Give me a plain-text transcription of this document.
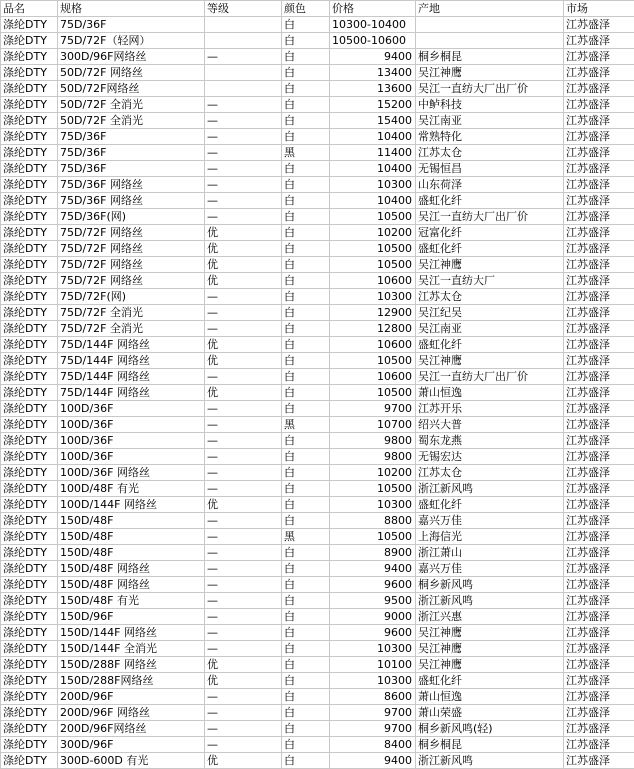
品名	规格	等级	颜色	价格	产地	市场
涤纶DTY	75D/36F		白	10300-10400		江苏盛泽
涤纶DTY	75D/72F（轻网）		白	10500-10600		江苏盛泽
涤纶DTY	300D/96F网络丝	—	白	9400	桐乡桐昆	江苏盛泽
涤纶DTY	50D/72F 网络丝		白	13400	吴江神鹰	江苏盛泽
涤纶DTY	50D/72F网络丝		白	13600	吴江一直纺大厂出厂价	江苏盛泽
涤纶DTY	50D/72F 全消光	—	白	15200	中鲈科技	江苏盛泽
涤纶DTY	50D/72F 全消光	—	白	15400	吴江南亚	江苏盛泽
涤纶DTY	75D/36F	—	白	10400	常熟特化	江苏盛泽
涤纶DTY	75D/36F	—	黑	11400	江苏太仓	江苏盛泽
涤纶DTY	75D/36F	—	白	10400	无锡恒昌	江苏盛泽
涤纶DTY	75D/36F 网络丝	—	白	10300	山东荷泽	江苏盛泽
涤纶DTY	75D/36F 网络丝	—	白	10400	盛虹化纤	江苏盛泽
涤纶DTY	75D/36F(网)	—	白	10500	吴江一直纺大厂出厂价	江苏盛泽
涤纶DTY	75D/72F 网络丝	优	白	10200	冠富化纤	江苏盛泽
涤纶DTY	75D/72F 网络丝	优	白	10500	盛虹化纤	江苏盛泽
涤纶DTY	75D/72F 网络丝	优	白	10500	吴江神鹰	江苏盛泽
涤纶DTY	75D/72F 网络丝	优	白	10600	吴江一直纺大厂	江苏盛泽
涤纶DTY	75D/72F(网)	—	白	10300	江苏太仓	江苏盛泽
涤纶DTY	75D/72F 全消光	—	白	12900	吴江纪吴	江苏盛泽
涤纶DTY	75D/72F 全消光	—	白	12800	吴江南亚	江苏盛泽
涤纶DTY	75D/144F 网络丝	优	白	10600	盛虹化纤	江苏盛泽
涤纶DTY	75D/144F 网络丝	优	白	10500	吴江神鹰	江苏盛泽
涤纶DTY	75D/144F 网络丝	—	白	10600	吴江一直纺大厂出厂价	江苏盛泽
涤纶DTY	75D/144F 网络丝	优	白	10500	萧山恒逸	江苏盛泽
涤纶DTY	100D/36F	—	白	9700	江苏开乐	江苏盛泽
涤纶DTY	100D/36F	—	黑	10700	绍兴大普	江苏盛泽
涤纶DTY	100D/36F	—	白	9800	蜀东龙燕	江苏盛泽
涤纶DTY	100D/36F	—	白	9800	无锡宏达	江苏盛泽
涤纶DTY	100D/36F 网络丝	—	白	10200	江苏太仓	江苏盛泽
涤纶DTY	100D/48F 有光	—	白	10500	浙江新风鸣	江苏盛泽
涤纶DTY	100D/144F 网络丝	优	白	10300	盛虹化纤	江苏盛泽
涤纶DTY	150D/48F	—	白	8800	嘉兴万佳	江苏盛泽
涤纶DTY	150D/48F	—	黑	10500	上海信光	江苏盛泽
涤纶DTY	150D/48F	—	白	8900	浙江萧山	江苏盛泽
涤纶DTY	150D/48F 网络丝	—	白	9400	嘉兴万佳	江苏盛泽
涤纶DTY	150D/48F 网络丝	—	白	9600	桐乡新风鸣	江苏盛泽
涤纶DTY	150D/48F 有光	—	白	9500	浙江新风鸣	江苏盛泽
涤纶DTY	150D/96F	—	白	9000	浙江兴惠	江苏盛泽
涤纶DTY	150D/144F 网络丝	—	白	9600	吴江神鹰	江苏盛泽
涤纶DTY	150D/144F 全消光	—	白	10300	吴江神鹰	江苏盛泽
涤纶DTY	150D/288F 网络丝	优	白	10100	吴江神鹰	江苏盛泽
涤纶DTY	150D/288F网络丝	优	白	10300	盛虹化纤	江苏盛泽
涤纶DTY	200D/96F	—	白	8600	萧山恒逸	江苏盛泽
涤纶DTY	200D/96F 网络丝	—	白	9700	萧山荣盛	江苏盛泽
涤纶DTY	200D/96F网络丝	—	白	9700	桐乡新风鸣(轻)	江苏盛泽
涤纶DTY	300D/96F	—	白	8400	桐乡桐昆	江苏盛泽
涤纶DTY	300D-600D 有光	优	白	9400	浙江新风鸣	江苏盛泽
